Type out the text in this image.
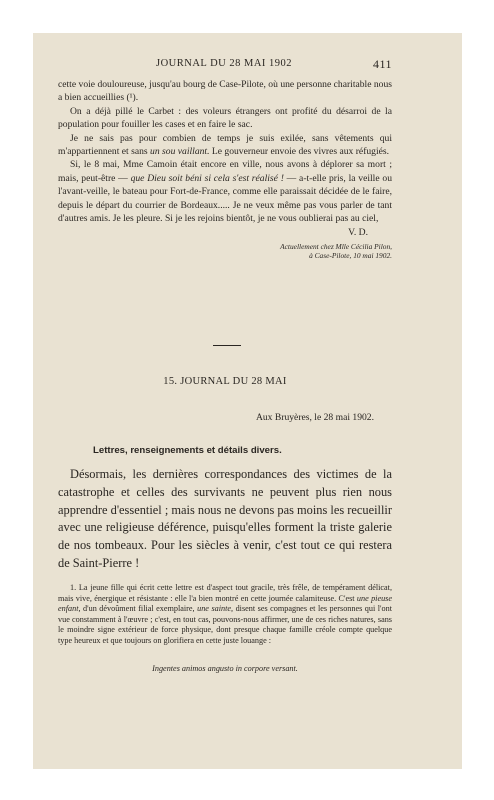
JOURNAL DU 28 MAI 1902	411

cette voie douloureuse, jusqu'au bourg de Case-Pilote, où une personne charitable nous a bien accueillies (¹).

On a déjà pillé le Carbet : des voleurs étrangers ont profité du désarroi de la population pour fouiller les cases et en faire le sac.

Je ne sais pas pour combien de temps je suis exilée, sans vêtements qui m'appartiennent et sans un sou vaillant. Le gouverneur envoie des vivres aux réfugiés.

Si, le 8 mai, Mme Camoin était encore en ville, nous avons à déplorer sa mort ; mais, peut-être — que Dieu soit béni si cela s'est réalisé ! — a-t-elle pris, la veille ou l'avant-veille, le bateau pour Fort-de-France, comme elle paraissait décidée de le faire, depuis le départ du courrier de Bordeaux..... Je ne veux même pas vous parler de tant d'autres amis. Je les pleure. Si je les rejoins bientôt, je ne vous oublierai pas au ciel,

V. D.
Actuellement chez Mlle Cécilia Pilon,
à Case-Pilote, 10 mai 1902.
15. JOURNAL DU 28 MAI
Aux Bruyères, le 28 mai 1902.
Lettres, renseignements et détails divers.

Désormais, les dernières correspondances des victimes de la catastrophe et celles des survivants ne peuvent plus rien nous apprendre d'essentiel ; mais nous ne devons pas moins les recueillir avec une religieuse déférence, puisqu'elles forment la triste galerie de nos tombeaux. Pour les siècles à venir, c'est tout ce qui restera de Saint-Pierre !

1. La jeune fille qui écrit cette lettre est d'aspect tout gracile, très frêle, de tempérament délicat, mais vive, énergique et résistante : elle l'a bien montré en cette journée calamiteuse. C'est une pieuse enfant, d'un dévoûment filial exemplaire, une sainte, disent ses compagnes et les personnes qui l'ont vue constamment à l'œuvre ; c'est, en tout cas, pouvons-nous affirmer, une de ces riches natures, sans le moindre signe extérieur de force physique, dont presque chaque famille créole compte quelque type heureux et que toujours on glorifiera en cette juste louange :

Ingentes animos angusto in corpore versant.
